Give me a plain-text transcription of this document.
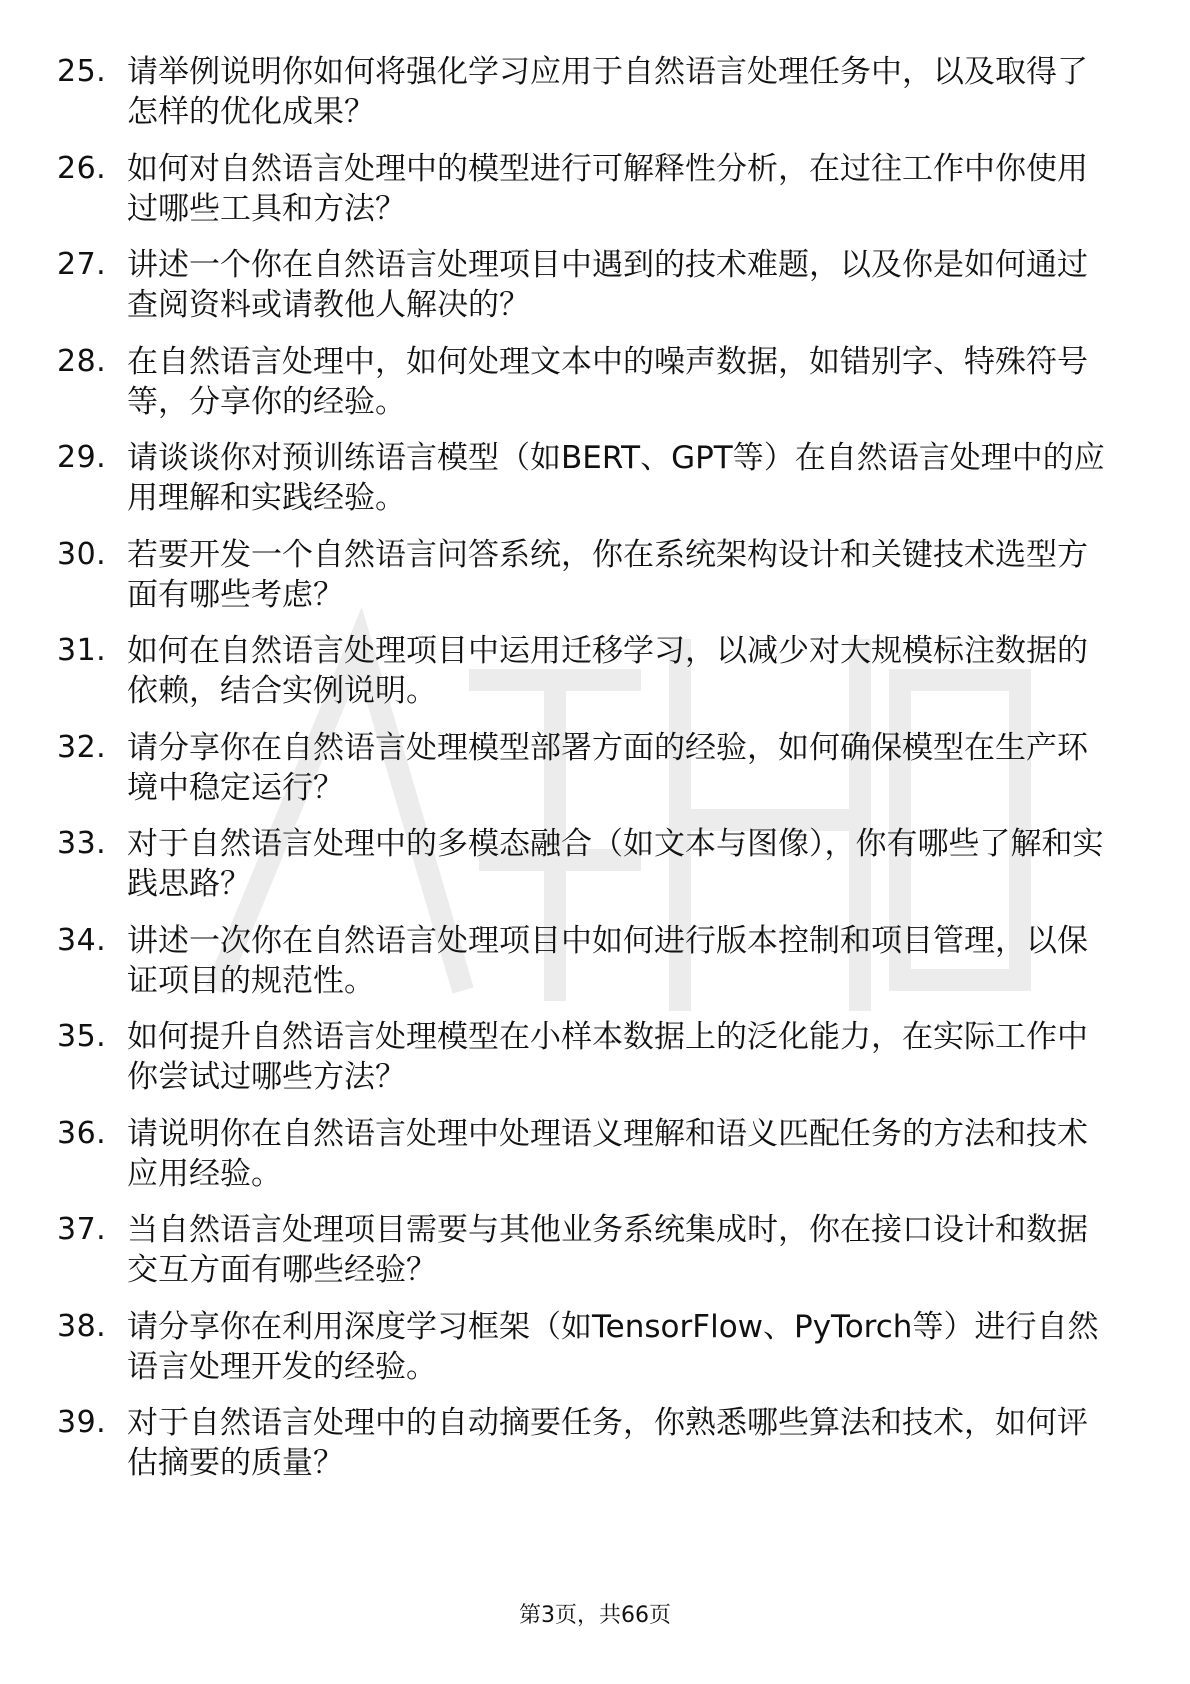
25. 请举例说明你如何将强化学习应用于自然语言处理任务中，以及取得了怎样的优化成果？
26. 如何对自然语言处理中的模型进行可解释性分析，在过往工作中你使用过哪些工具和方法？
27. 讲述一个你在自然语言处理项目中遇到的技术难题，以及你是如何通过查阅资料或请教他人解决的？
28. 在自然语言处理中，如何处理文本中的噪声数据，如错别字、特殊符号等，分享你的经验。
29. 请谈谈你对预训练语言模型（如BERT、GPT等）在自然语言处理中的应用理解和实践经验。
30. 若要开发一个自然语言问答系统，你在系统架构设计和关键技术选型方面有哪些考虑？
31. 如何在自然语言处理项目中运用迁移学习，以减少对大规模标注数据的依赖，结合实例说明。
32. 请分享你在自然语言处理模型部署方面的经验，如何确保模型在生产环境中稳定运行？
33. 对于自然语言处理中的多模态融合（如文本与图像），你有哪些了解和实践思路？
34. 讲述一次你在自然语言处理项目中如何进行版本控制和项目管理，以保证项目的规范性。
35. 如何提升自然语言处理模型在小样本数据上的泛化能力，在实际工作中你尝试过哪些方法？
36. 请说明你在自然语言处理中处理语义理解和语义匹配任务的方法和技术应用经验。
37. 当自然语言处理项目需要与其他业务系统集成时，你在接口设计和数据交互方面有哪些经验？
38. 请分享你在利用深度学习框架（如TensorFlow、PyTorch等）进行自然语言处理开发的经验。
39. 对于自然语言处理中的自动摘要任务，你熟悉哪些算法和技术，如何评估摘要的质量？
第3页，共66页
